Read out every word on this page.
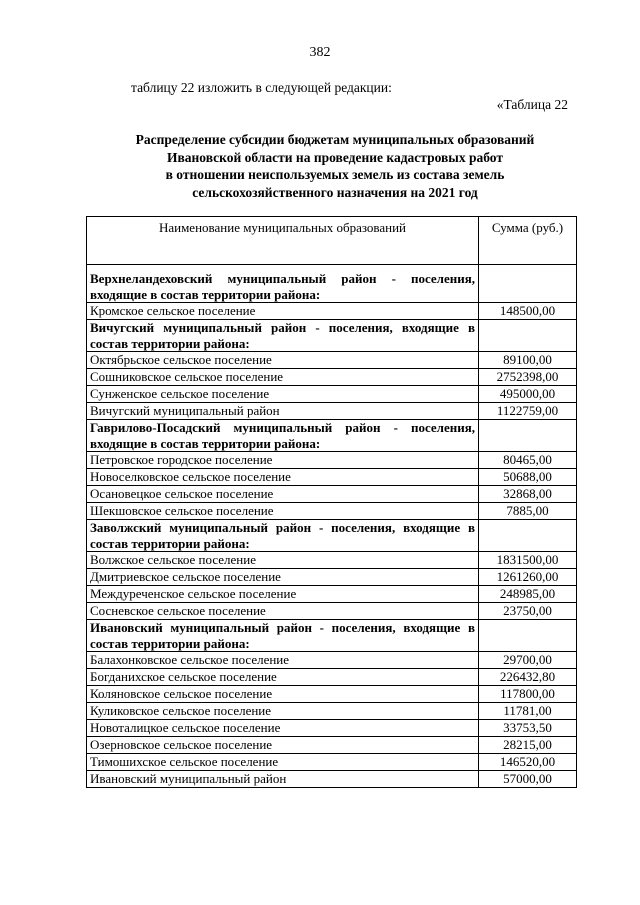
382
таблицу 22 изложить в следующей редакции:
«Таблица 22
Распределение субсидии бюджетам муниципальных образований
Ивановской области на проведение кадастровых работ
в отношении неиспользуемых земель из состава земель
сельскохозяйственного назначения на 2021 год
Наименование муниципальных образований	Сумма (руб.)

Верхнеландеховский муниципальный район - поселения, входящие в состав территории района:	
Кромское сельское поселение	148500,00
Вичугский муниципальный район - поселения, входящие в состав территории района:	
Октябрьское сельское поселение	89100,00
Сошниковское сельское поселение	2752398,00
Сунженское сельское поселение	495000,00
Вичугский муниципальный район	1122759,00
Гаврилово-Посадский муниципальный район - поселения, входящие в состав территории района:	
Петровское городское поселение	80465,00
Новоселковское сельское поселение	50688,00
Осановецкое сельское поселение	32868,00
Шекшовское сельское поселение	7885,00
Заволжский муниципальный район - поселения, входящие в состав территории района:	
Волжское сельское поселение	1831500,00
Дмитриевское сельское поселение	1261260,00
Междуреченское сельское поселение	248985,00
Сосневское сельское поселение	23750,00
Ивановский муниципальный район - поселения, входящие в состав территории района:	
Балахонковское сельское поселение	29700,00
Богданихское сельское поселение	226432,80
Коляновское сельское поселение	117800,00
Куликовское сельское поселение	11781,00
Новоталицкое сельское поселение	33753,50
Озерновское сельское поселение	28215,00
Тимошихское сельское поселение	146520,00
Ивановский муниципальный район	57000,00
